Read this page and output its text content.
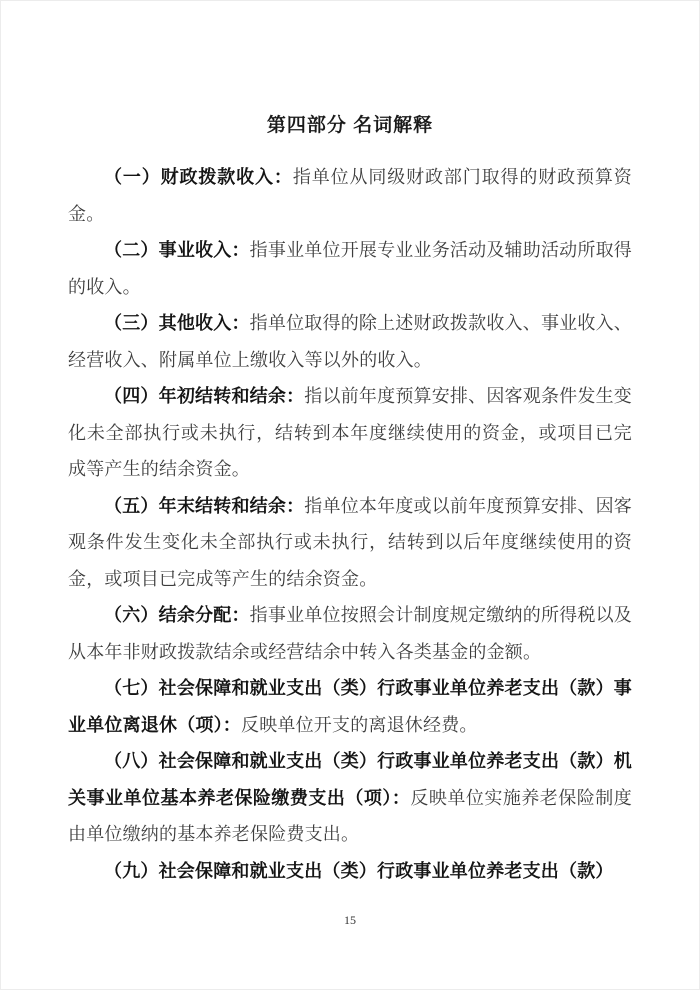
第四部分 名词解释

（一）财政拨款收入：指单位从同级财政部门取得的财政预算资金。

（二）事业收入：指事业单位开展专业业务活动及辅助活动所取得的收入。

（三）其他收入：指单位取得的除上述财政拨款收入、事业收入、经营收入、附属单位上缴收入等以外的收入。

（四）年初结转和结余：指以前年度预算安排、因客观条件发生变化未全部执行或未执行，结转到本年度继续使用的资金，或项目已完成等产生的结余资金。

（五）年末结转和结余：指单位本年度或以前年度预算安排、因客观条件发生变化未全部执行或未执行，结转到以后年度继续使用的资金，或项目已完成等产生的结余资金。

（六）结余分配：指事业单位按照会计制度规定缴纳的所得税以及从本年非财政拨款结余或经营结余中转入各类基金的金额。

（七）社会保障和就业支出（类）行政事业单位养老支出（款）事业单位离退休（项）：反映单位开支的离退休经费。

（八）社会保障和就业支出（类）行政事业单位养老支出（款）机关事业单位基本养老保险缴费支出（项）：反映单位实施养老保险制度由单位缴纳的基本养老保险费支出。

（九）社会保障和就业支出（类）行政事业单位养老支出（款）

15
